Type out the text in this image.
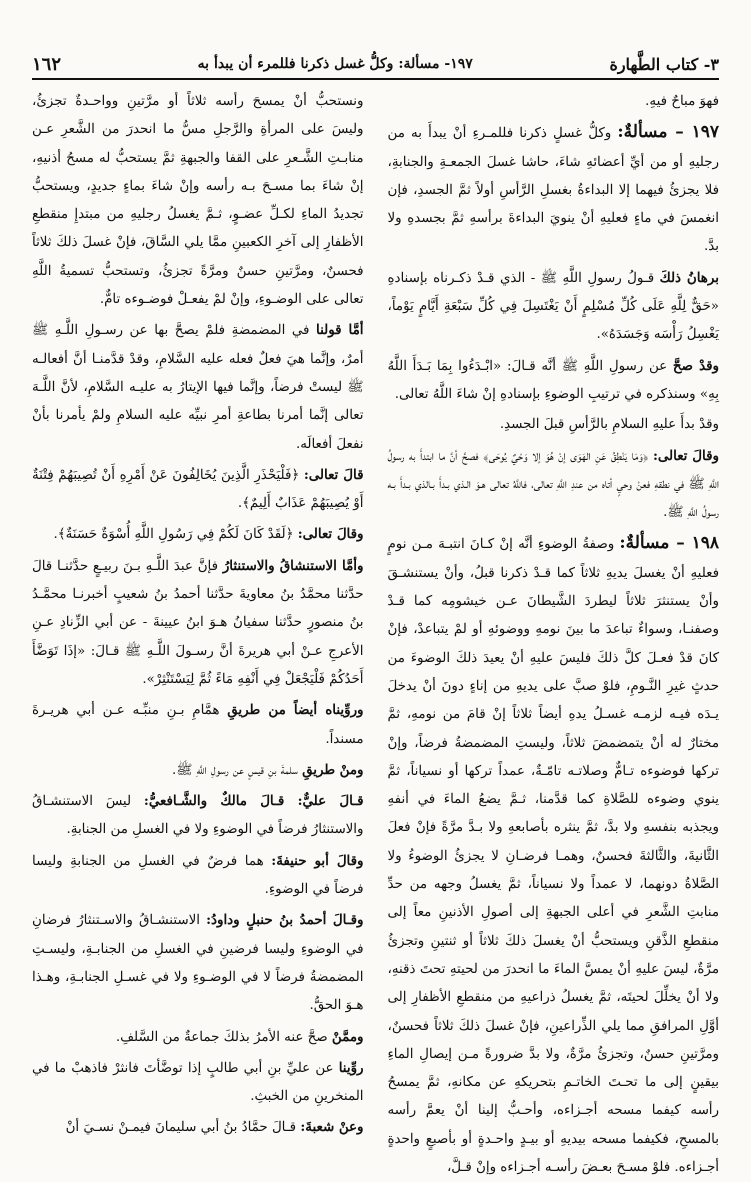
٣- كتاب الطَّهارة
١٩٧- مسألة: وكلُّ غسل ذكرنا فللمرء أن يبدأ به
١٦٢

فهوَ مباحٌ فيهِ.

١٩٧ – مسألةٌ: وكلُّ غسلٍ ذكرنا فللمـرءِ أنْ يبدأَ به من رجليهِ أو من أيِّ أعضائهِ شاءَ، حاشا غسلَ الجمعـةِ والجنابةِ، فلا يجزئُ فيهما إلا البداءةُ بغسلِ الرَّأسِ أولاً ثمَّ الجسدِ، فإن انغمسَ في ماءٍ فعليهِ أنْ ينويَ البداءةَ برأسهِ ثمَّ بجسدهِ ولا بدَّ.

برهانُ ذلكَ قـولُ رسولِ اللَّهِ ﷺ - الذي قـدْ ذكـرناه بإسنادهِ «حَقٌّ لِلَّهِ عَلَى كُلِّ مُسْلِمٍ أَنْ يَغْتَسِلَ فِي كُلِّ سَبْعَةِ أَيَّامٍ يَوْماً، يَغْسِلُ رَأْسَه وَجَسَدَهُ».

وقدْ صحَّ عن رسولِ اللَّهِ ﷺ أنَّه قـالَ: «ابْـدَءُوا بِمَا بَـدَأَ اللَّهُ بِهِ» وسنذكره في ترتيبِ الوضوءِ بإسنادهِ إنْ شاءَ اللَّهُ تعالى.

وقدْ بدأَ عليهِ السلامِ بالرَّأسِ قبلَ الجسدِ.

وقالَ تعالى: ﴿وَمَا يَنْطِقُ عَنِ الهَوَى إنْ هُوَ إلا وَحْيٌ يُوحَى﴾ فصحَّ أنَّ ما ابتدأَ به رسولُ اللَّهِ ﷺ في نطقهِ فعنْ وحيٍ أتاه من عندِ اللَّهِ تعالى، فاللَّهُ تعالى هـوَ الـذي بـدأَ بـالذي بـدأَ بـه رسولُ اللَّهِ ﷺ.

١٩٨ – مسألةٌ: وصفةُ الوضوءِ أنَّه إنْ كـانَ انتبـهَ مـن نومٍ فعليهِ أنْ يغسلَ يديهِ ثلاثاً كما قـدْ ذكرنا قبلُ، وأنْ يستنشـقَ وأنْ يستنثرَ ثلاثاً ليطردَ الشَّيطانَ عـن خيشومِه كما قـدْ وصفنـا، وسواءٌ تباعدَ ما بينَ نومهِ ووضوئهِ أو لمْ يتباعدْ، فإنْ كانَ قدْ فعـلَ كلَّ ذلكَ فليسَ عليهِ أنْ يعيدَ ذلكَ الوضوءَ من حدثٍ غيرِ النَّـومِ، فلوْ صبَّ على يديهِ من إناءٍ دونَ أنْ يدخلَ يـدَه فيـه لزمـه غسـلُ يدهِ أيضاً ثلاثاً إنْ قامَ من نومهِ، ثمَّ مختارٌ له أنْ يتمضمضَ ثلاثاً، وليستِ المضمضةُ فرضاً، وإنْ تركها فوضوءه تـامٌّ وصلاتـه تامّـةٌ، عمداً تركها أو نسياناً، ثمَّ ينوي وضوءه للصَّلاةِ كما قدَّمنا، ثـمَّ يضعُ الماءَ في أنفهِ ويجذبه بنفسهِ ولا بدَّ، ثمَّ ينثره بأصابعهِ ولا بـدَّ مرَّةً فإنْ فعلَ الثَّانيةَ، والثَّالثةَ فحسنٌ، وهمـا فرضـانِ لا يجزئُ الوضوءُ ولا الصَّلاةُ دونهما، لا عمداً ولا نسياناً، ثمَّ يغسلُ وجهه من حدِّ منابتِ الشَّعرِ في أعلى الجبهةِ إلى أصولِ الأذنينِ معاً إلى منقطعِ الذَّقنِ ويستحبُّ أنْ يغسلَ ذلكَ ثلاثاً أو ثنتينِ وتجزئُ مرَّةٌ، ليسَ عليهِ أنْ يمسَّ الماءَ ما انحدرَ من لحيتهِ تحتَ ذقنهِ، ولا أنْ يخلِّلَ لحيتَه، ثمَّ يغسلُ ذراعيهِ من منقطعِ الأظفارِ إلى أوَّلِ المرافقِ مما يلي الذِّراعينِ، فإنْ غسلَ ذلكَ ثلاثاً فحسنٌ، ومرَّتينِ حسنٌ، وتجزئُ مرَّةٌ، ولا بدَّ ضرورةً مـن إيصالِ الماءِ بيقينٍ إلى ما تحـتَ الخاتـمِ بتحريكهِ عن مكانهِ، ثمَّ يمسحُ رأسه كيفما مسحه أجـزاءه، وأحـبُّ إلينا أنْ يعمَّ رأسه بالمسحِ، فكيفما مسحه بيديهِ أو بيـدٍ واحـدةٍ أو بأصبعٍ واحدةٍ أجـزاءه. فلوْ مسـحَ بعـضَ رأسـه أجـزاءه وإنْ قـلَّ،

ونستحبُّ أنْ يمسحَ رأسه ثلاثاً أو مرَّتينِ وواحـدةٌ تجزئُ، وليسَ على المرأةِ والرَّجلِ مسُّ ما انحدرَ من الشَّعرِ عـن منابـتِ الشَّـعرِ على القفا والجبهةِ ثمَّ يستحبُّ له مسحُ أذنيهِ، إنْ شاءَ بما مسـحَ بـه رأسه وإنْ شاءَ بماءٍ جديدٍ، ويستحبُّ تجديدُ الماءِ لكـلِّ عضـوٍ، ثـمَّ يغسلُ رجليهِ من مبتدإِ منقطعِ الأظفارِ إلى آخرِ الكعبينِ ممَّا يلي السَّاقَ، فإنْ غسلَ ذلكَ ثلاثاً فحسنٌ، ومرَّتينِ حسنٌ ومرَّةً تجزئُ، وتستحبُّ تسميةُ اللَّهِ تعالى على الوضـوءِ، وإنْ لمْ يفعـلْ فوضـوءه تامٌّ.

أمَّا قولنا في المضمضةِ فلمْ يصحَّ بها عن رسـولِ اللَّـهِ ﷺ أمرٌ، وإنَّما هيَ فعلٌ فعله عليه السَّلامِ، وقدْ قدَّمنـا أنَّ أفعالـه ﷺ ليستْ فرضاً، وإنَّما فيها الإيتارُ به عليـه السَّلامِ، لأنَّ اللَّـهَ تعالى إنَّما أمرنا بطاعةِ أمرِ نبيِّه عليه السلامِ ولمْ يأمرنا بأنْ نفعلَ أفعالَه.

قالَ تعالى: ﴿فَلْيَحْذَرِ الَّذِينَ يُخَالِفُونَ عَنْ أَمْرِهِ أَنْ تُصِيبَهُمْ فِتْنَةٌ أَوْ يُصِيبَهُمْ عَذَابٌ أَلِيمٌ﴾.

وقالَ تعالى: ﴿لَقَدْ كَانَ لَكُمْ فِي رَسُولِ اللَّهِ أُسْوَةٌ حَسَنَةٌ﴾.

وأمَّا الاستنشاقُ والاستنثارُ فإنَّ عبدَ اللَّـهِ بـنَ ربيـعٍ حدَّثنـا قالَ حدَّثنا محمَّدُ بنُ معاويةَ حدَّثنا أحمدُ بنُ شعيبٍ أخبرنـا محمَّـدُ بنُ منصورٍ حدَّثنا سفيانُ هـوَ ابنُ عيينةَ - عن أبي الزِّنادِ عـنِ الأعرجِ عـنْ أبي هريرةَ أنَّ رسـولَ اللَّـهِ ﷺ قـالَ: «إذَا تَوَضَّأَ أَحَدُكُمْ فَلْيَجْعَلْ فِي أَنْفِهِ مَاءً ثُمَّ لِيَسْتَنْثِرْ».

وروِّيناه أيضاً من طريقِ همَّامِ بـنِ منبِّـه عـن أبي هريـرةَ مسنداً.

ومنْ طريقِ سلمةَ بنِ قيسٍ عن رسولِ اللَّهِ ﷺ.

قـالَ عليٌّ: قـالَ مالكٌ والشَّـافعيُّ: ليسَ الاستنشـاقُ والاستنثارُ فرضاً في الوضوءِ ولا في الغسلِ من الجنابةِ.

وقالَ أبو حنيفةَ: هما فرضٌ في الغسلِ من الجنابةِ وليسا فرضاً في الوضوءِ.

وقـالَ أحمدُ بنُ حنبلٍ وداودُ: الاستنشـاقُ والاسـتنثارُ فرضانِ في الوضوءِ وليسا فرضينِ في الغسلِ من الجنابـةِ، وليسـتِ المضمضةُ فرضاً لا في الوضـوءِ ولا في غسـلِ الجنابـةِ، وهـذا هـوَ الحقُّ.

وممَّنْ صحَّ عنه الأمرُ بذلكَ جماعةٌ من السَّلفِ.

روِّينا عن عليِّ بنِ أبي طالبٍ إذا توضَّأتَ فانثرْ فاذهبْ ما في المنخرينِ من الخبثِ.

وعنْ شعبةَ: قـالَ حمَّادُ بنُ أبي سليمانَ فيمـنْ نسـيَ أنْ
